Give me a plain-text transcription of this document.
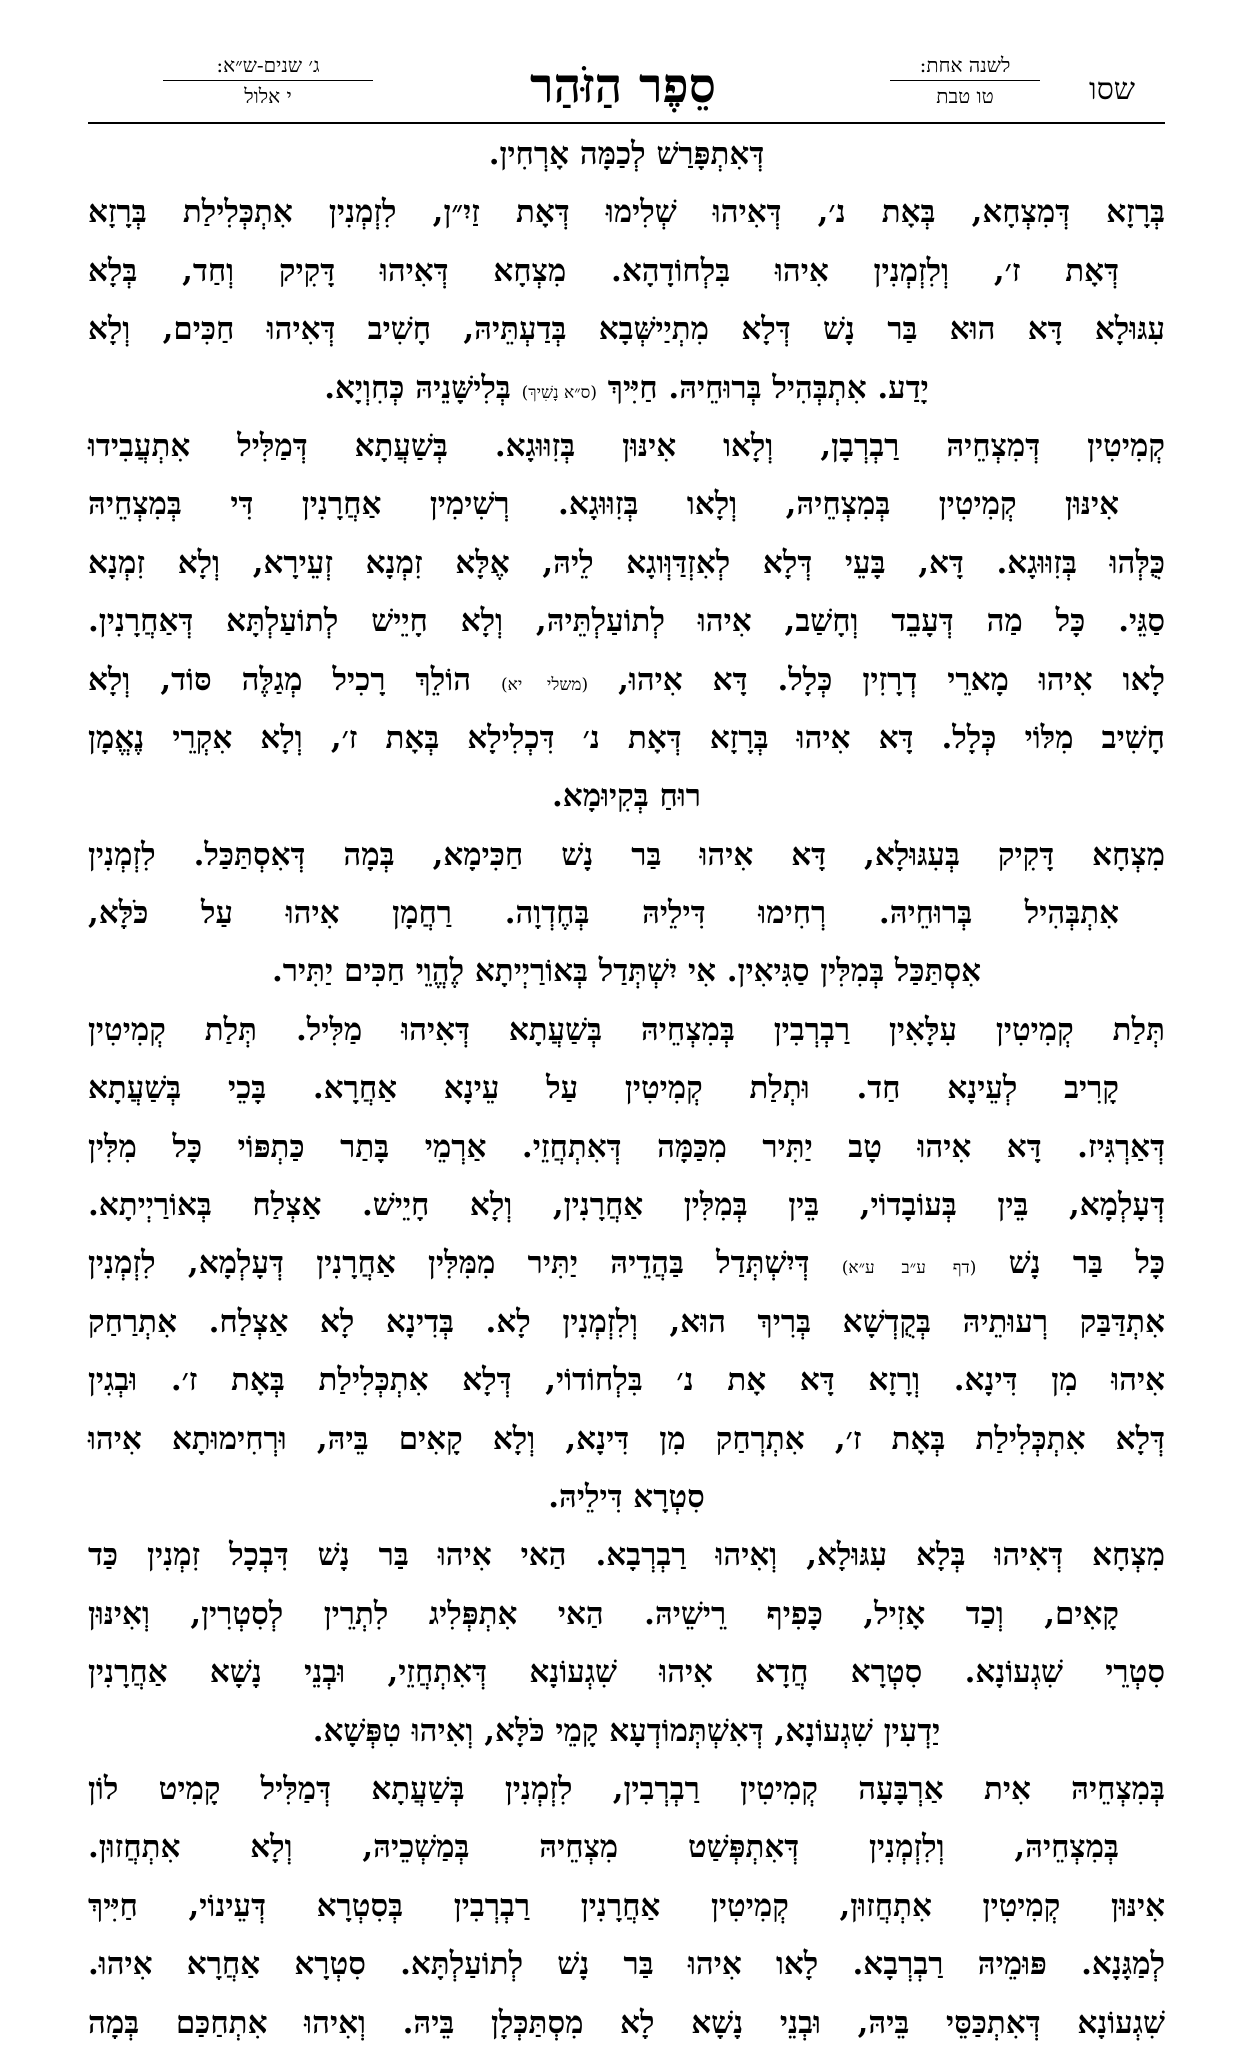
שסו
לשנה אחת:
טו טבת
סֵפֶר הַזֹּהַר
ג׳ שנים-ש״א:
י אלול
דְּאִתְפָּרַשׁ לְכַמָּה אָרְחִין.
בְּרָזָא דְּמִצְחָא, בְּאָת נ׳, דְּאִיהוּ שְׁלִימוּ דְּאָת זַיִ״ן, לִזְמְנִין אִתְכְּלִילַת בְּרָזָא
דְּאָת ז׳, וְלִזְמְנִין אִיהוּ בִּלְחוֹדָהָא. מִצְחָא דְּאִיהוּ דָּקִיק וְחַד, בְּלָא
עִגּוּלָא דָּא הוּא בַּר נָשׁ דְּלָא מִתְיַישְּׁבָא בְּדַעְתֵּיהּ, חָשִׁיב דְּאִיהוּ חַכִּים, וְלָא
יָדַע. אִתְבְּהִיל בְּרוּחֵיהּ. חַיִּיךְ (ס״א נָשִׁיךְ) בְּלִישָּׁנֵיהּ כְּחִוְיָא.
קְמִיטִין דְּמִצְחֵיהּ רַבְרְבָן, וְלָאו אִינּוּן בְּזִוּוּגָא. בְּשַׁעֲתָא דְּמַלִּיל אִתְעֲבִידוּ
אִינּוּן קְמִיטִין בְּמִצְחֵיהּ, וְלָאו בְּזִוּוּגָא. רְשִׁימִין אַחֲרָנִין דִּי בְּמִצְחֵיהּ
כֻּלְּהוּ בְּזִוּוּגָא. דָּא, בָּעֵי דְּלָא לְאִזְדַּוְּוגָא לֵיהּ, אֶלָּא זִמְנָא זְעֵירָא, וְלָא זִמְנָא
סַגֵּי. כָּל מַה דְּעָבֵד וְחָשַׁב, אִיהוּ לְתוֹעַלְתֵּיהּ, וְלָא חָיֵישׁ לְתוֹעַלְתָּא דְּאַחֲרָנִין.
לָאו אִיהוּ מָארֵי דְרָזִין כְּלָל. דָּא אִיהוּ, (משלי יא) הוֹלֵךְ רָכִיל מְגַלֶּה סּוֹד, וְלָא
חָשִׁיב מִלּוֹי כְּלָל. דָּא אִיהוּ בְּרָזָא דְּאָת נ׳ דִּכְלִילָא בְּאָת ז׳, וְלָא אִקְרֵי נֶאֱמָן
רוּחַ בְּקִיוּמָא.
מִצְחָא דָּקִיק בְּעִגּוּלָא, דָּא אִיהוּ בַּר נָשׁ חַכִּימָא, בְּמָה דְּאִסְתַּכַּל. לִזְמְנִין
אִתְבְּהִיל בְּרוּחֵיהּ. רְחִימוּ דִּילֵיהּ בְּחֶדְוָה. רַחֲמָן אִיהוּ עַל כֹּלָּא,
אִסְתַּכַּל בְּמִלִּין סַגִּיאִין. אִי יִשְׁתְּדַל בְּאוֹרַיְיתָא לֶהֱוֵי חַכִּים יַתִּיר.
תְּלַת קְמִיטִין עִלָּאִין רַבְרְבִין בְּמִצְחֵיהּ בְּשַׁעֲתָא דְּאִיהוּ מַלִּיל. תְּלַת קְמִיטִין
קָרִיב לְעֵינָא חַד. וּתְלַת קְמִיטִין עַל עֵינָא אַחֲרָא. בָּכֵי בְּשַׁעֲתָא
דְּאַרְגִּיז. דָּא אִיהוּ טָב יַתִּיר מִכַּמָּה דְּאִתְחֲזֵי. אַרְמֵי בָּתַר כַּתְפּוֹי כָּל מִלִּין
דְּעָלְמָא, בֵּין בְּעוֹבָדוֹי, בֵּין בְּמִלִּין אַחֲרָנִין, וְלָא חָיֵישׁ. אַצְלַח בְּאוֹרַיְיתָא.
כָּל בַּר נָשׁ (דף ע״ב ע״א) דְּיִשְׁתְּדַל בַּהֲדֵיהּ יַתִּיר מִמִּלִּין אַחֲרָנִין דְּעָלְמָא, לִזְמְנִין
אִתְדַּבַּק רְעוּתֵיהּ בְּקֻדְשָׁא בְּרִיךְ הוּא, וְלִזְמְנִין לָא. בְּדִינָא לָא אַצְלַח. אִתְרַחַק
אִיהוּ מִן דִּינָא. וְרָזָא דָּא אָת נ׳ בִּלְחוֹדוֹי, דְּלָא אִתְכְּלִילַת בְּאָת ז׳. וּבְגִין
דְּלָא אִתְכְּלִילַת בְּאָת ז׳, אִתְרְחַק מִן דִּינָא, וְלָא קָאִים בֵּיהּ, וּרְחִימוּתָא אִיהוּ
סִטְרָא דִּילֵיהּ.
מִצְחָא דְּאִיהוּ בְּלָא עִגּוּלָא, וְאִיהוּ רַבְרְבָא. הַאי אִיהוּ בַּר נָשׁ דִּבְכָל זִמְנִין כַּד
קָאִים, וְכַד אָזִיל, כָּפִיף רֵישֵׁיהּ. הַאי אִתְפְּלִיג לִתְרֵין לְסִטְרִין, וְאִינּוּן
סִטְרֵי שִׁגְעוֹנָא. סִטְרָא חֲדָא אִיהוּ שִׁגְעוֹנָא דְּאִתְחֲזֵי, וּבְנֵי נָשָׁא אַחֲרָנִין
יַדְעִין שִׁגְעוֹנָא, דְּאִשְׁתְּמוֹדְעָא קָמֵי כֹּלָּא, וְאִיהוּ טִפְּשָׁא.
בְּמִצְחֵיהּ אִית אַרְבָּעָה קְמִיטִין רַבְרְבִין, לִזְמְנִין בְּשַׁעֲתָא דְּמַלִּיל קָמִיט לוֹן
בְּמִצְחֵיהּ, וְלִזְמְנִין דְּאִתְפְּשַׁט מִצְחֵיהּ בְּמַשְׁכֵיהּ, וְלָא אִתְחֲזוּן.
אִינּוּן קְמִיטִין אִתְחֲזוּן, קְמִיטִין אַחֲרָנִין רַבְרְבִין בְּסִטְרָא דְּעֵינוֹי, חַיִּיךְ
לְמַגָּנָא. פּוּמֵיהּ רַבְרְבָא. לָאו אִיהוּ בַּר נָשׁ לְתוֹעַלְתָּא. סִטְרָא אַחֲרָא אִיהוּ.
שִׁגְעוֹנָא דְּאִתְכַּסֵּי בֵּיהּ, וּבְנֵי נָשָׁא לָא מִסְתַּכְּלָן בֵּיהּ. וְאִיהוּ אִתְחַכַּם בְּמָה
